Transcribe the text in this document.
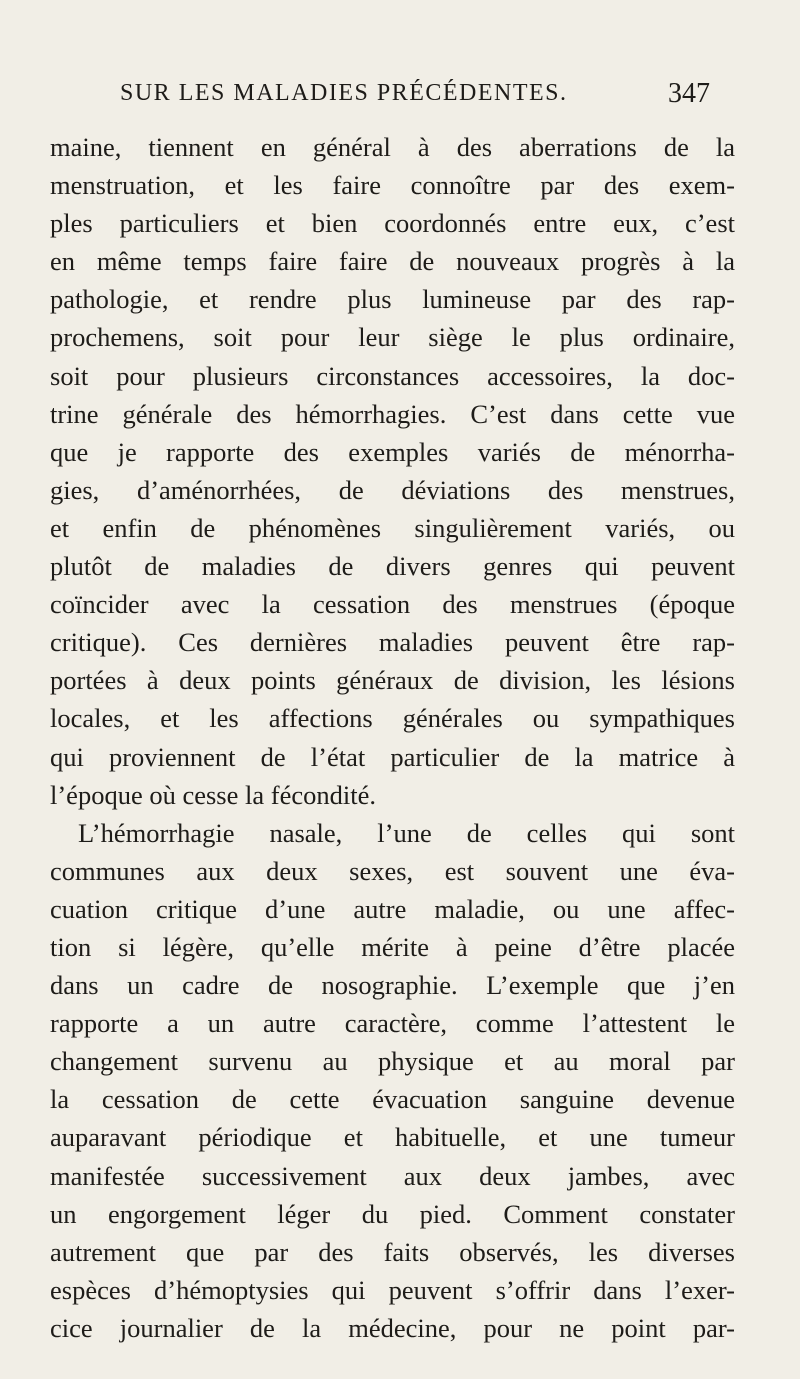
SUR LES MALADIES PRÉCÉDENTES.	347
maine, tiennent en général à des aberrations de la
menstruation, et les faire connoître par des exem-
ples particuliers et bien coordonnés entre eux, c’est
en même temps faire faire de nouveaux progrès à la
pathologie, et rendre plus lumineuse par des rap-
prochemens, soit pour leur siège le plus ordinaire,
soit pour plusieurs circonstances accessoires, la doc-
trine générale des hémorrhagies. C’est dans cette vue
que je rapporte des exemples variés de ménorrha-
gies, d’aménorrhées, de déviations des menstrues,
et enfin de phénomènes singulièrement variés, ou
plutôt de maladies de divers genres qui peuvent
coïncider avec la cessation des menstrues (époque
critique). Ces dernières maladies peuvent être rap-
portées à deux points généraux de division, les lésions
locales, et les affections générales ou sympathiques
qui proviennent de l’état particulier de la matrice à
l’époque où cesse la fécondité.
L’hémorrhagie nasale, l’une de celles qui sont
communes aux deux sexes, est souvent une éva-
cuation critique d’une autre maladie, ou une affec-
tion si légère, qu’elle mérite à peine d’être placée
dans un cadre de nosographie. L’exemple que j’en
rapporte a un autre caractère, comme l’attestent le
changement survenu au physique et au moral par
la cessation de cette évacuation sanguine devenue
auparavant périodique et habituelle, et une tumeur
manifestée successivement aux deux jambes, avec
un engorgement léger du pied. Comment constater
autrement que par des faits observés, les diverses
espèces d’hémoptysies qui peuvent s’offrir dans l’exer-
cice journalier de la médecine, pour ne point par-
